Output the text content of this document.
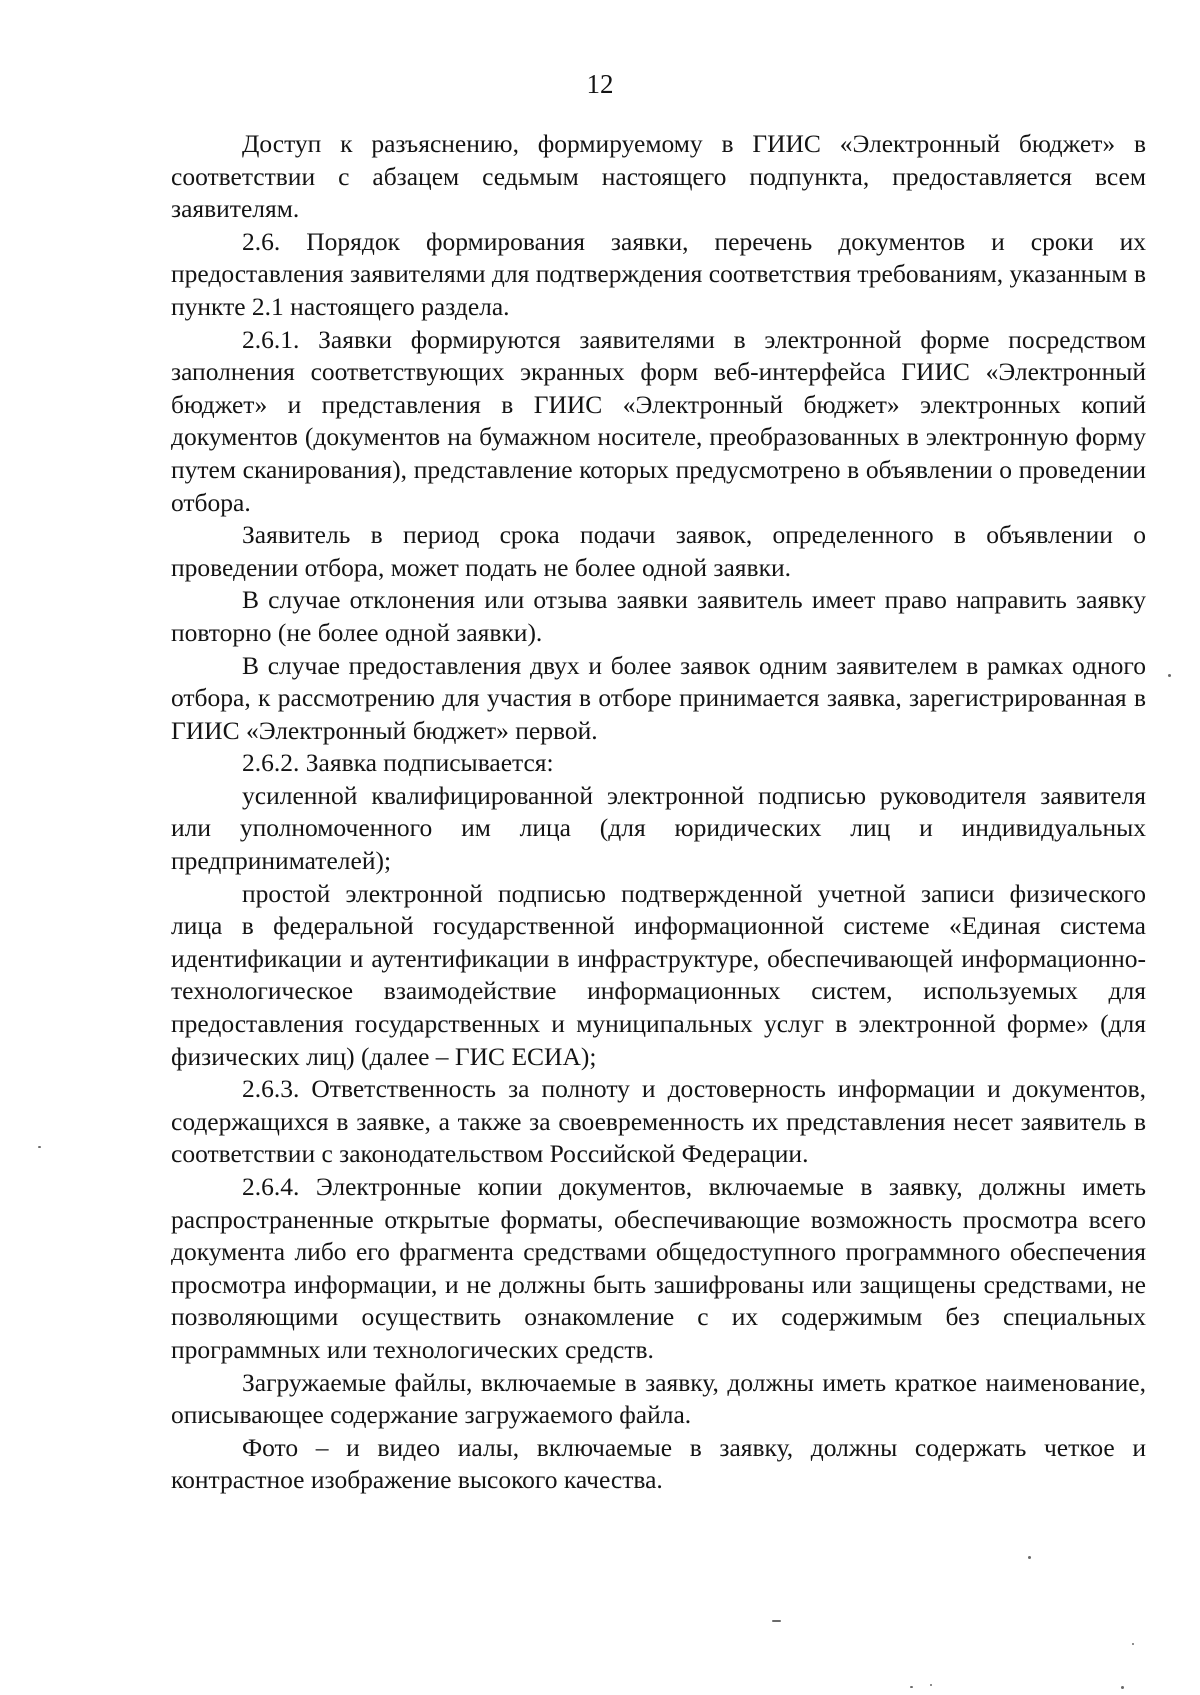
12

Доступ к разъяснению, формируемому в ГИИС «Электронный бюджет» в соответствии с абзацем седьмым настоящего подпункта, предоставляется всем заявителям.

2.6. Порядок формирования заявки, перечень документов и сроки их предоставления заявителями для подтверждения соответствия требованиям, указанным в пункте 2.1 настоящего раздела.

2.6.1. Заявки формируются заявителями в электронной форме посредством заполнения соответствующих экранных форм веб-интерфейса ГИИС «Электронный бюджет» и представления в ГИИС «Электронный бюджет» электронных копий документов (документов на бумажном носителе, преобразованных в электронную форму путем сканирования), представление которых предусмотрено в объявлении о проведении отбора.

Заявитель в период срока подачи заявок, определенного в объявлении о проведении отбора, может подать не более одной заявки.

В случае отклонения или отзыва заявки заявитель имеет право направить заявку повторно (не более одной заявки).

В случае предоставления двух и более заявок одним заявителем в рамках одного отбора, к рассмотрению для участия в отборе принимается заявка, зарегистрированная в ГИИС «Электронный бюджет» первой.

2.6.2. Заявка подписывается:

усиленной квалифицированной электронной подписью руководителя заявителя или уполномоченного им лица (для юридических лиц и индивидуальных предпринимателей);

простой электронной подписью подтвержденной учетной записи физического лица в федеральной государственной информационной системе «Единая система идентификации и аутентификации в инфраструктуре, обеспечивающей информационно-технологическое взаимодействие информационных систем, используемых для предоставления государственных и муниципальных услуг в электронной форме» (для физических лиц) (далее – ГИС ЕСИА);

2.6.3. Ответственность за полноту и достоверность информации и документов, содержащихся в заявке, а также за своевременность их представления несет заявитель в соответствии с законодательством Российской Федерации.

2.6.4. Электронные копии документов, включаемые в заявку, должны иметь распространенные открытые форматы, обеспечивающие возможность просмотра всего документа либо его фрагмента средствами общедоступного программного обеспечения просмотра информации, и не должны быть зашифрованы или защищены средствами, не позволяющими осуществить ознакомление с их содержимым без специальных программных или технологических средств.

Загружаемые файлы, включаемые в заявку, должны иметь краткое наименование, описывающее содержание загружаемого файла.

Фото – и видео иалы, включаемые в заявку, должны содержать четкое и контрастное изображение высокого качества.
